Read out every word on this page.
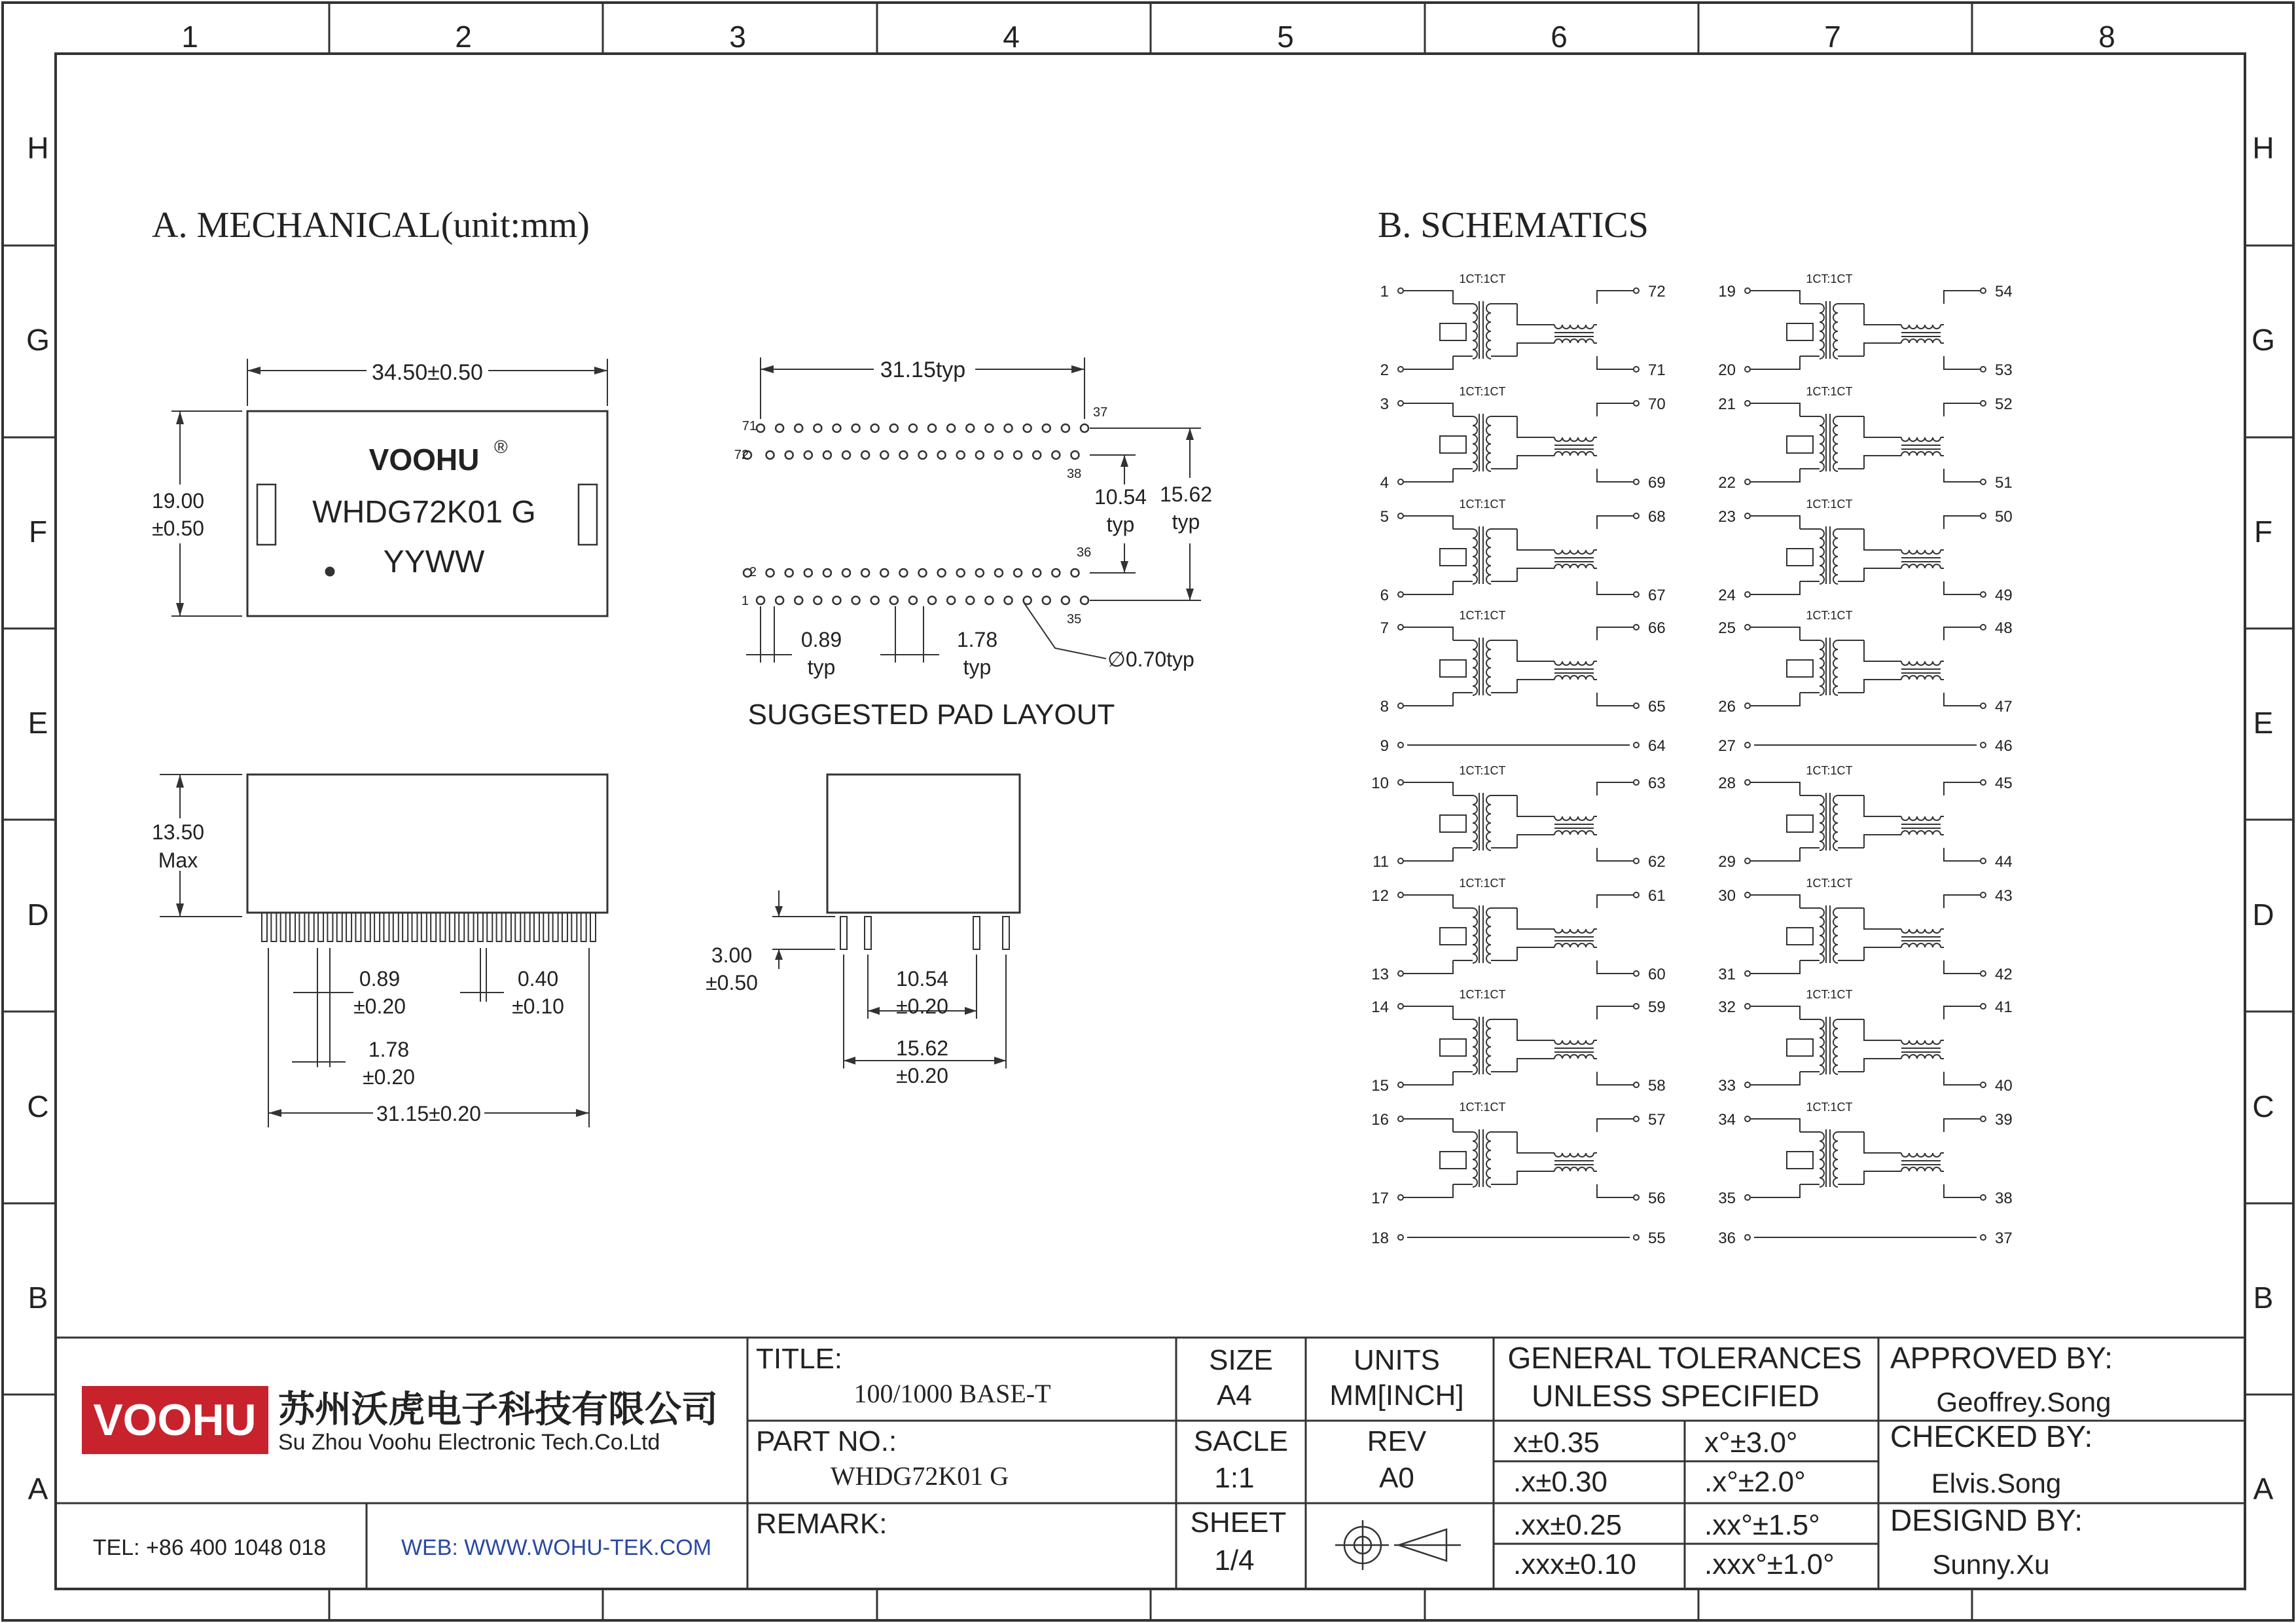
1	2	3	4	5	6	7	8
H
G
F
E
D
C
B
A
H
G
F
E
D
C
B
A
A. MECHANICAL(unit:mm)	B. SCHEMATICS
VOOHU ®
WHDG72K01 G
YYWW
34.50±0.50
19.00
±0.50
31.15typ
10.54
typ
15.62
typ
0.89
typ
1.78
typ	∅0.70typ
SUGGESTED PAD LAYOUT
71
72
37
38
2
1
36
35
13.50
Max
0.89
±0.20
0.40
±0.10
1.78
±0.20
31.15±0.20
3.00
±0.50	10.54
±0.20
15.62
±0.20
1
2
72
71
1CT:1CT
19
20
54
53
1CT:1CT
3
4
70
69
1CT:1CT
21
22
52
51
1CT:1CT
5
6
68
67
1CT:1CT
23
24
50
49
1CT:1CT
7
8
66
65
1CT:1CT
25
26
48
47
1CT:1CT
10
11
63
62
1CT:1CT
28
29
45
44
1CT:1CT
12
13
61
60
1CT:1CT
30
31
43
42
1CT:1CT
14
15
59
58
1CT:1CT
32
33
41
40
1CT:1CT
16
17
57
56
1CT:1CT
34
35
39
38
1CT:1CT
9	64
18	55
27	46
36	37
VOOHU 苏州沃虎电子科技有限公司
Su Zhou Voohu Electronic Tech.Co.Ltd
TEL: +86 400 1048 018	WEB: WWW.WOHU-TEK.COM
TITLE:
100/1000 BASE-T
PART NO.:
WHDG72K01 G
REMARK:
SIZE
A4
UNITS
MM[INCH]
SACLE
1:1
REV
A0
SHEET
1/4
GENERAL TOLERANCES
UNLESS SPECIFIED
x±0.35	x°±3.0°
.x±0.30	.x°±2.0°
.xx±0.25	.xx°±1.5°
.xxx±0.10 .xxx°±1.0°
APPROVED BY:
Geoffrey.Song
CHECKED BY:
Elvis.Song
DESIGND BY:
Sunny.Xu
